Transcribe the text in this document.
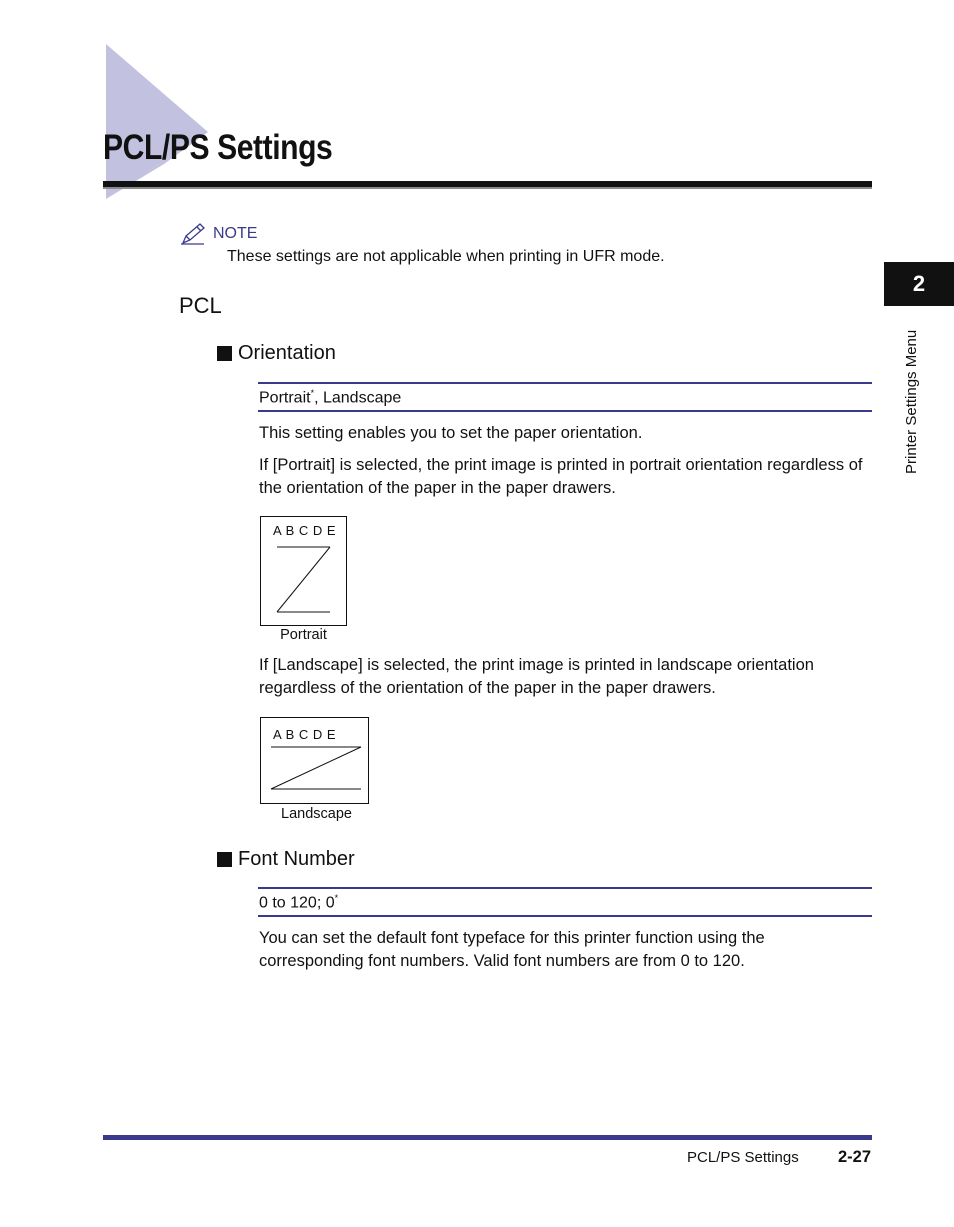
PCL/PS Settings
NOTE
These settings are not applicable when printing in UFR mode.
PCL
Orientation
Portrait*, Landscape
This setting enables you to set the paper orientation.
If [Portrait] is selected, the print image is printed in portrait orientation regardless of the orientation of the paper in the paper drawers.
A B C D E
Portrait
If [Landscape] is selected, the print image is printed in landscape orientation regardless of the orientation of the paper in the paper drawers.
A B C D E
Landscape
Font Number
0 to 120; 0*
You can set the default font typeface for this printer function using the corresponding font numbers. Valid font numbers are from 0 to 120.
2
Printer Settings Menu
PCL/PS Settings 2-27
